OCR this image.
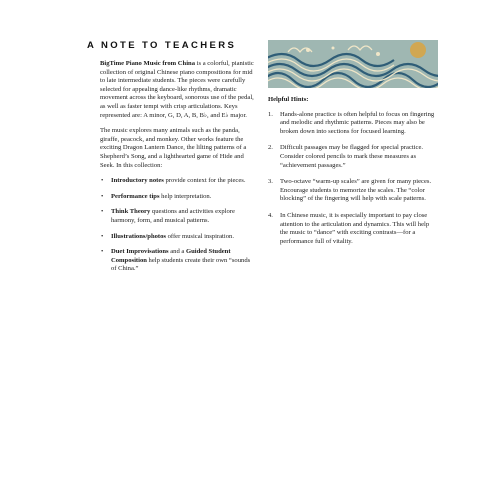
A NOTE TO TEACHERS

BigTime Piano Music from China is a colorful, pianistic collection of original Chinese piano compositions for mid to late intermediate students. The pieces were carefully selected for appealing dance-like rhythms, dramatic movement across the keyboard, sonorous use of the pedal, as well as faster tempi with crisp articulations. Keys represented are: A minor, G, D, A, B, B♭, and E♭ major.

The music explores many animals such as the panda, giraffe, peacock, and monkey. Other works feature the exciting Dragon Lantern Dance, the lilting patterns of a Shepherd’s Song, and a lighthearted game of Hide and Seek. In this collection:

• Introductory notes provide context for the pieces.
• Performance tips help interpretation.
• Think Theory questions and activities explore harmony, form, and musical patterns.
• Illustrations/photos offer musical inspiration.
• Duet Improvisations and a Guided Student Composition help students create their own “sounds of China.”
Helpful Hints:
1. Hands-alone practice is often helpful to focus on fingering and melodic and rhythmic patterns. Pieces may also be broken down into sections for focused learning.
2. Difficult passages may be flagged for special practice. Consider colored pencils to mark these measures as “achievement passages.”
3. Two-octave “warm-up scales” are given for many pieces. Encourage students to memorize the scales. The “color blocking” of the fingering will help with scale patterns.
4. In Chinese music, it is especially important to pay close attention to the articulation and dynamics. This will help the music to “dance” with exciting contrasts—for a performance full of vitality.
